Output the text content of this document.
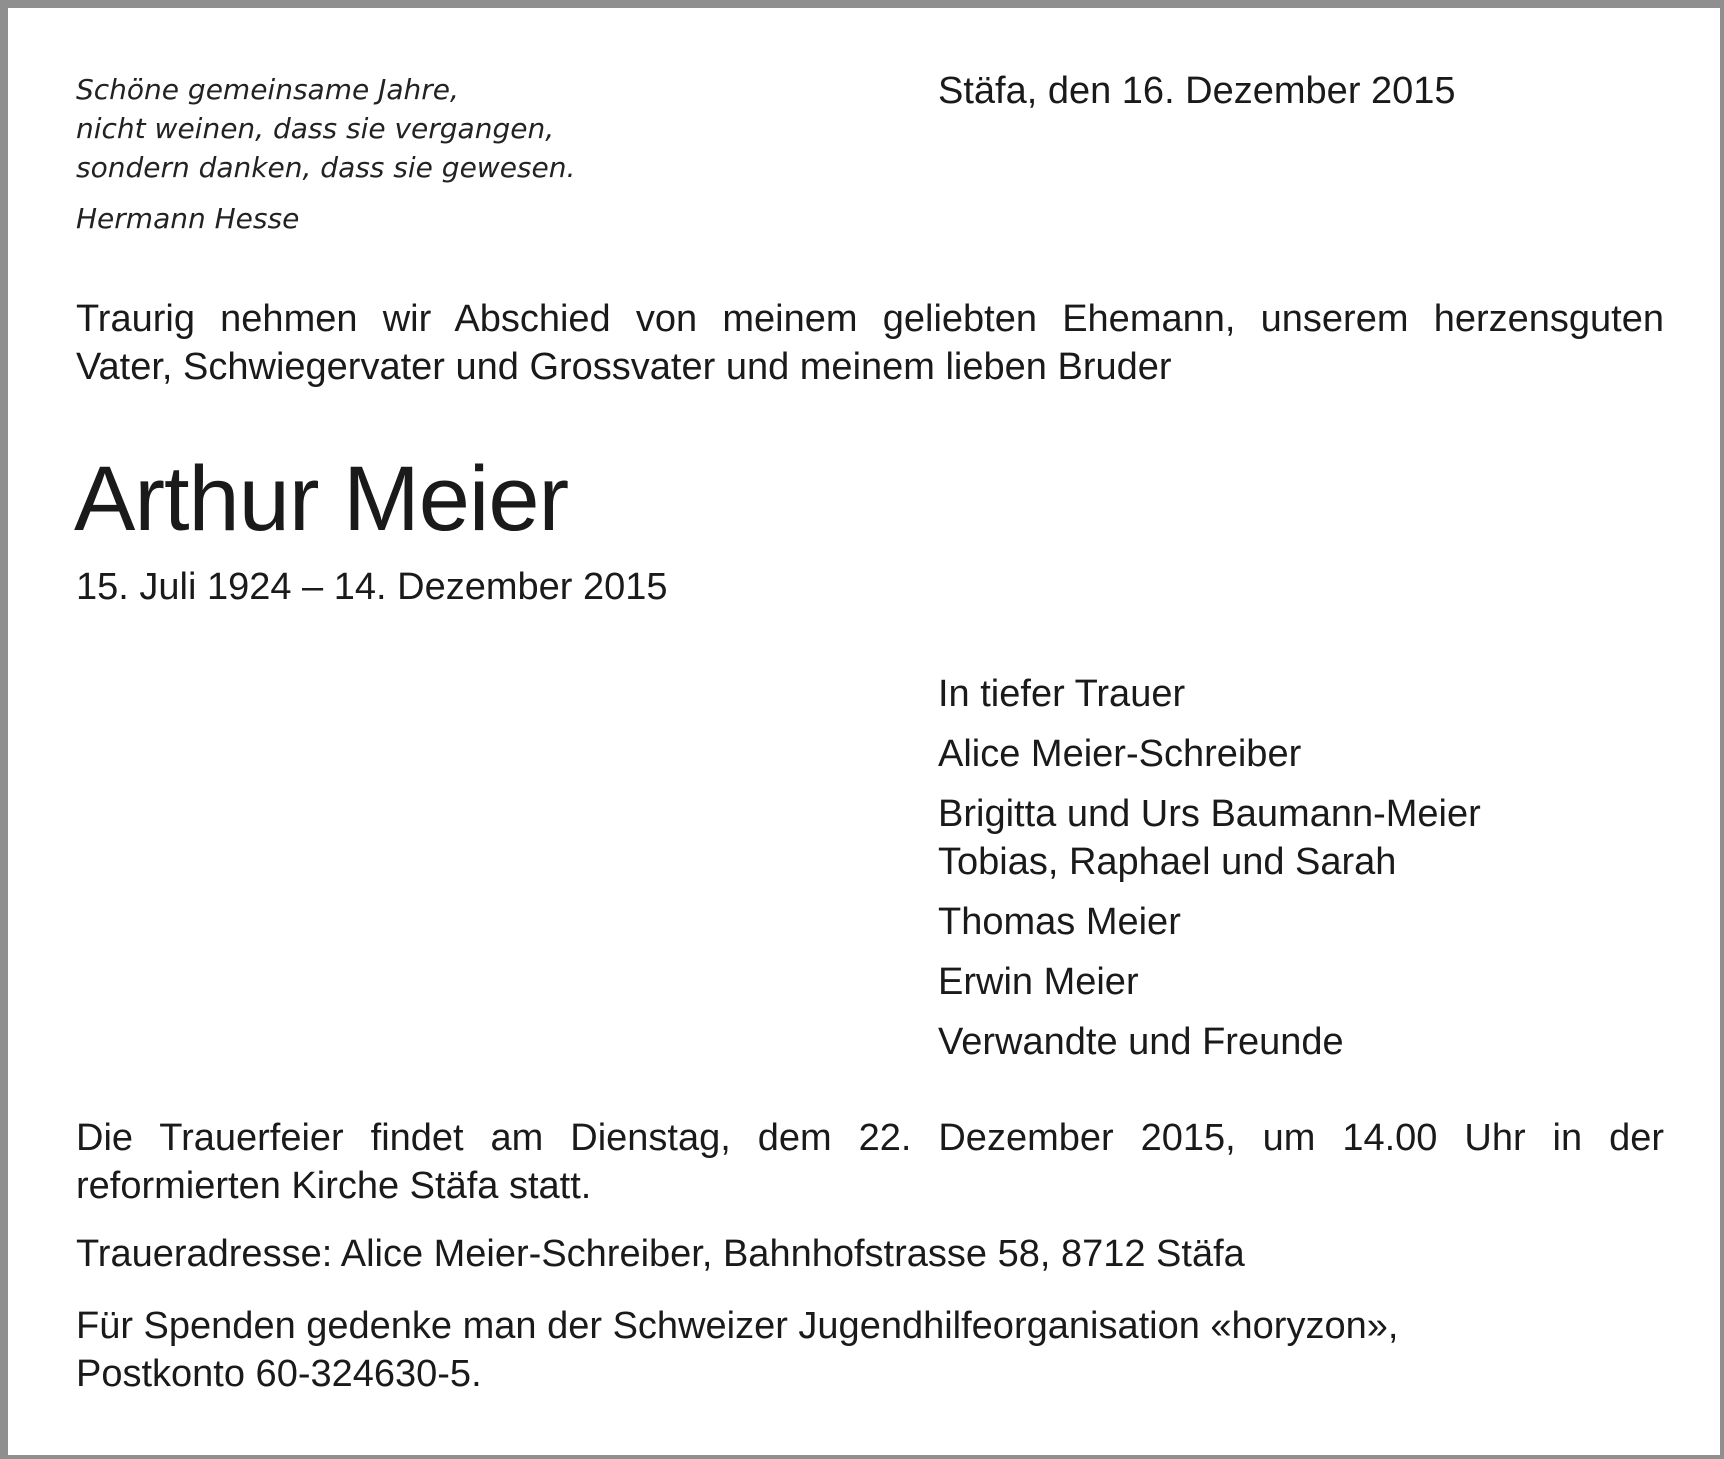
Schöne gemeinsame Jahre,
nicht weinen, dass sie vergangen,
sondern danken, dass sie gewesen.
Hermann Hesse
Stäfa, den 16. Dezember 2015
Traurig nehmen wir Abschied von meinem geliebten Ehemann, unserem herzensguten
Vater, Schwiegervater und Grossvater und meinem lieben Bruder
Arthur Meier
15. Juli 1924 – 14. Dezember 2015
In tiefer Trauer
Alice Meier-Schreiber
Brigitta und Urs Baumann-Meier
Tobias, Raphael und Sarah
Thomas Meier
Erwin Meier
Verwandte und Freunde
Die Trauerfeier findet am Dienstag, dem 22. Dezember 2015, um 14.00 Uhr in der
reformierten Kirche Stäfa statt.
Traueradresse: Alice Meier-Schreiber, Bahnhofstrasse 58, 8712 Stäfa
Für Spenden gedenke man der Schweizer Jugendhilfeorganisation «horyzon»,
Postkonto 60-324630-5.
